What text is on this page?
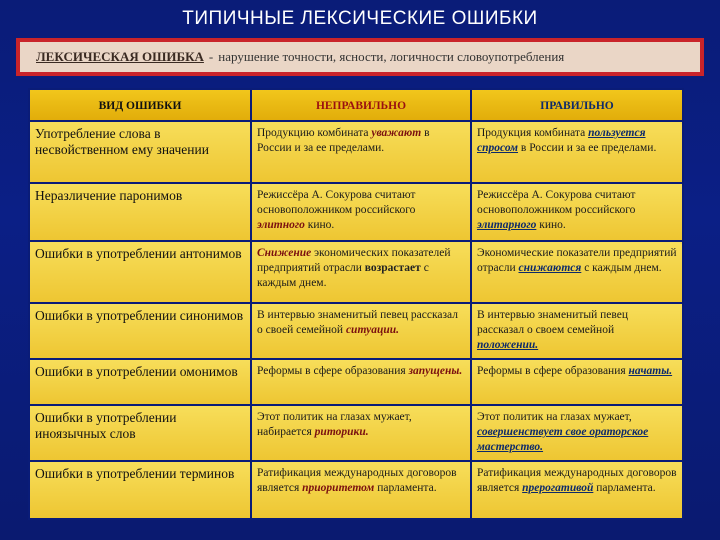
ТИПИЧНЫЕ ЛЕКСИЧЕСКИЕ ОШИБКИ
ЛЕКСИЧЕСКАЯ ОШИБКА - нарушение точности, ясности, логичности словоупотребления
ВИД ОШИБКИ	НЕПРАВИЛЬНО	ПРАВИЛЬНО
Употребление слова в несвойственном ему значении	Продукцию комбината уважают в России и за ее пределами.	Продукция комбината пользуется спросом в России и за ее пределами.
Неразличение паронимов	Режиссёра А. Сокурова считают основоположником российского элитного кино.	Режиссёра А. Сокурова считают основоположником российского элитарного кино.
Ошибки в употреблении антонимов	Снижение экономических показателей предприятий отрасли возрастает с каждым днем.	Экономические показатели предприятий отрасли снижаются с каждым днем.
Ошибки в употреблении синонимов	В интервью знаменитый певец рассказал о своей семейной ситуации.	В интервью знаменитый певец рассказал о своем семейной положении.
Ошибки в употреблении омонимов	Реформы в сфере образования запущены.	Реформы в сфере образования начаты.
Ошибки в употреблении иноязычных слов	Этот политик на глазах мужает, набирается риторики.	Этот политик на глазах мужает, совершенствует свое ораторское мастерство.
Ошибки в употреблении терминов	Ратификация международных договоров является приоритетом парламента.	Ратификация международных договоров является прерогативой парламента.
